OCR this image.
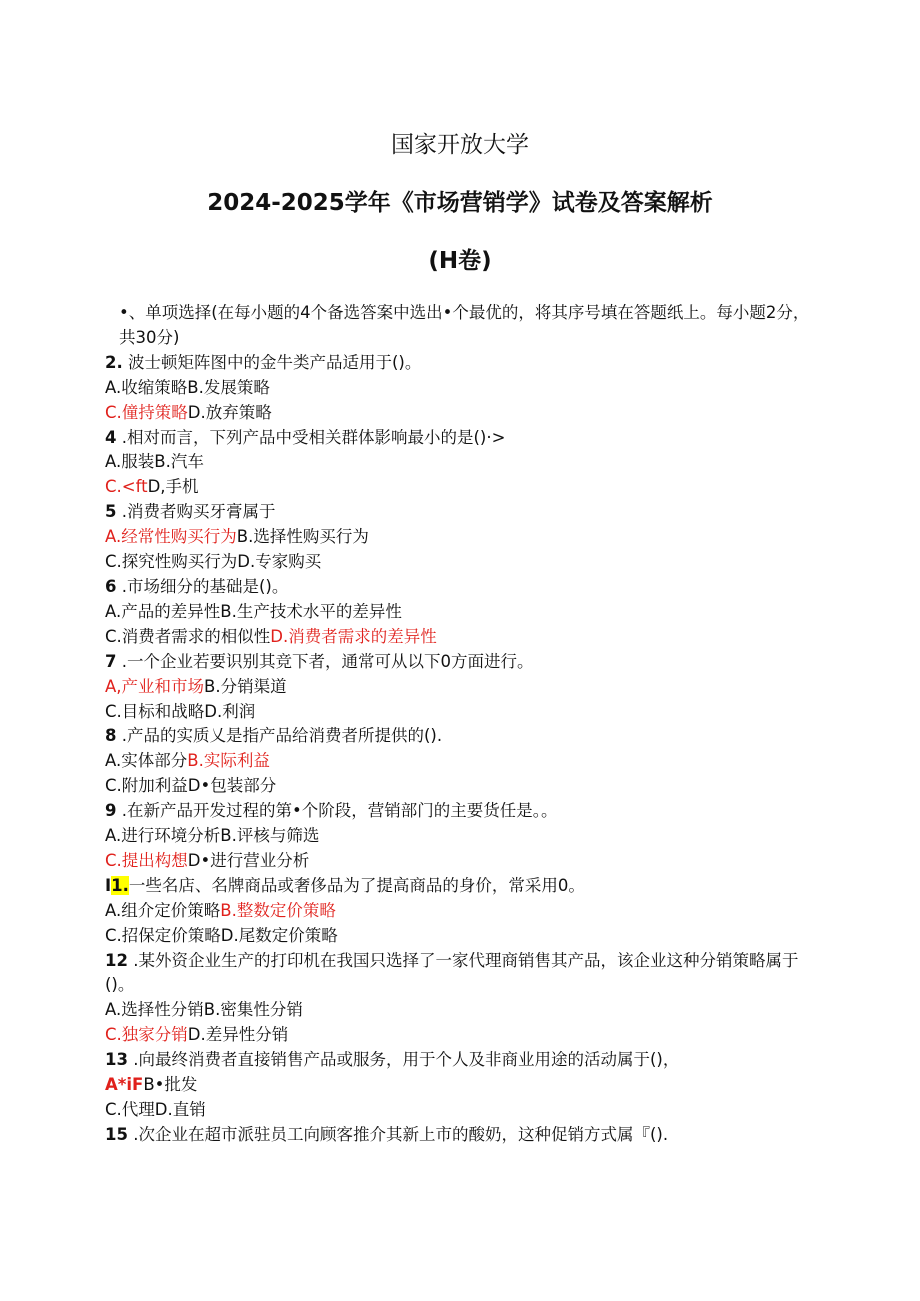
国家开放大学
2024-2025学年《市场营销学》试卷及答案解析
(H卷)
•、单项选择(在每小题的4个备选答案中选出•个最优的，将其序号填在答题纸上。每小题2分，共30分)
2. 波士顿矩阵图中的金牛类产品适用于()。
A.收缩策略B.发展策略
C.僮持策略D.放弃策略
4 .相对而言，下列产品中受相关群体影响最小的是()·>
A.服装B.汽车
C.<ftD,手机
5 .消费者购买牙膏属于
A.经常性购买行为B.选择性购买行为
C.探究性购买行为D.专家购买
6 .市场细分的基础是()。
A.产品的差异性B.生产技术水平的差异性
C.消费者需求的相似性D.消费者需求的差异性
7 .一个企业若要识别其竞下者，通常可从以下0方面进行。
A,产业和市场B.分销渠道
C.目标和战略D.利润
8 .产品的实质乂是指产品给消费者所提供的().
A.实体部分B.实际利益
C.附加利益D•包装部分
9 .在新产品开发过程的第•个阶段，营销部门的主要货任是。。
A.进行环境分析B.评核与筛选
C.提出构想D•进行营业分析
I1.一些名店、名牌商品或奢侈品为了提高商品的身价，常采用0。
A.组介定价策略B.整数定价策略
C.招保定价策略D.尾数定价策略
12 .某外资企业生产的打印机在我国只选择了一家代理商销售其产品，该企业这种分销策略属于()。
A.选择性分销B.密集性分销
C.独家分销D.差异性分销
13 .向最终消费者直接销售产品或服务，用于个人及非商业用途的活动属于()，
A*iFB•批发
C.代理D.直销
15 .次企业在超市派驻员工向顾客推介其新上市的酸奶，这种促销方式属『().
